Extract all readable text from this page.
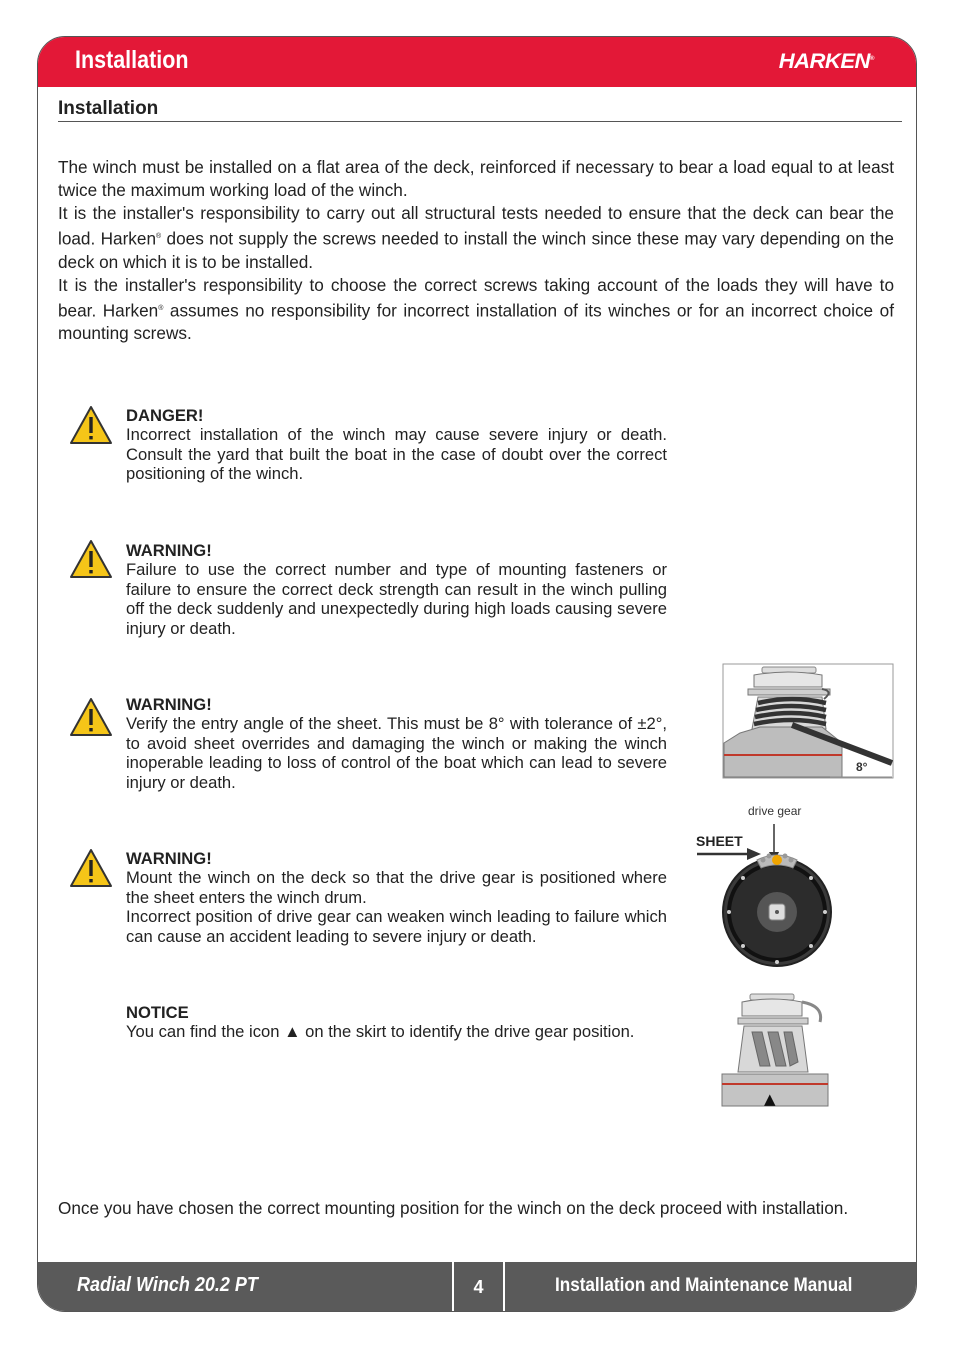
Installation	HARKEN®
Installation

The winch must be installed on a flat area of the deck, reinforced if necessary to bear a load equal to at least twice the maximum working load of the winch.

It is the installer's responsibility to carry out all structural tests needed to ensure that the deck can bear the load. Harken® does not supply the screws needed to install the winch since these may vary depending on the deck on which it is to be installed.

It is the installer's responsibility to choose the correct screws taking account of the loads they will have to bear. Harken® assumes no responsibility for incorrect installation of its winches or for an incorrect choice of mounting screws.

DANGER!
Incorrect installation of the winch may cause severe injury or death. Consult the yard that built the boat in the case of doubt over the correct positioning of the winch.
WARNING!
Failure to use the correct number and type of mounting fasteners or failure to ensure the correct deck strength can result in the winch pulling off the deck suddenly and unexpectedly during high loads causing severe injury or death.
WARNING!
Verify the entry angle of the sheet. This must be 8° with tolerance of ±2°, to avoid sheet overrides and damaging the winch or making the winch inoperable leading to loss of control of the boat which can lead to severe injury or death.
WARNING!
Mount the winch on the deck so that the drive gear is positioned where the sheet enters the winch drum.
Incorrect position of drive gear can weaken winch leading to failure which can cause an accident leading to severe injury or death.
NOTICE
You can find the icon ▲ on the skirt to identify the drive gear position.
8°
drive gear
SHEET
▲
Once you have chosen the correct mounting position for the winch on the deck proceed with installation.
Radial Winch 20.2 PT	4	Installation and Maintenance Manual
